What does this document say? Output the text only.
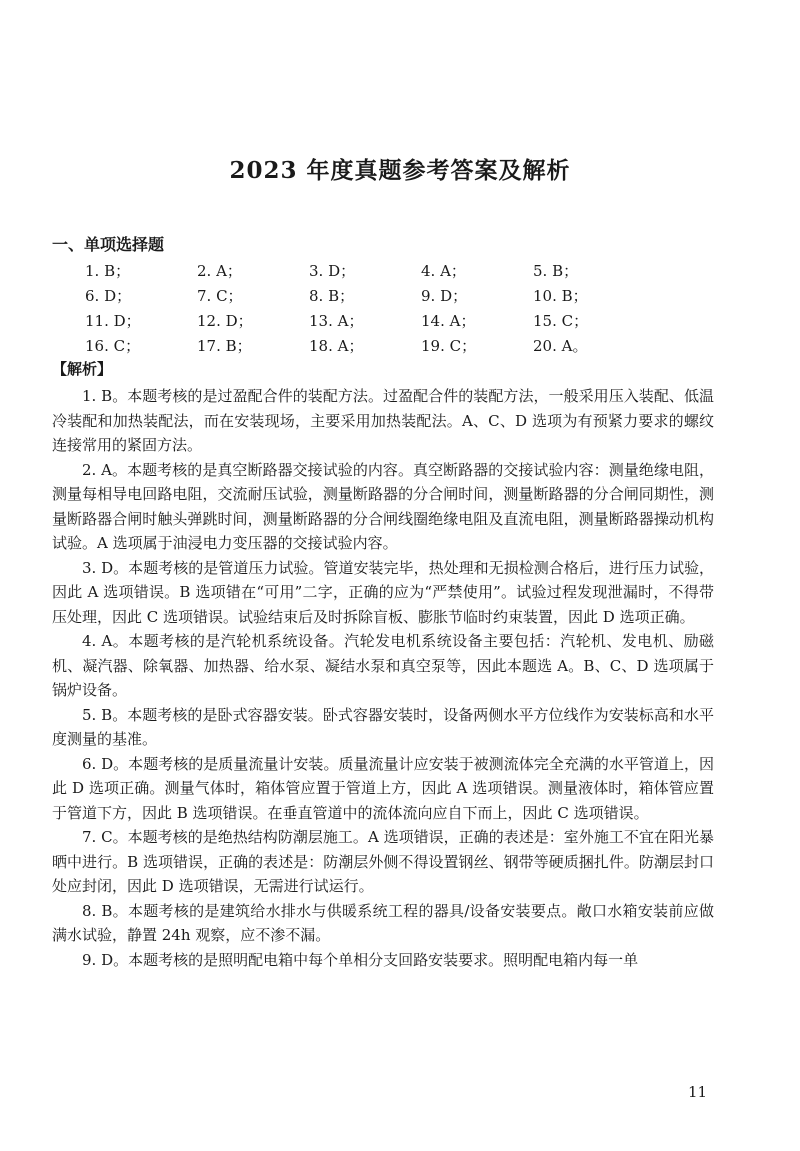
2023 年度真题参考答案及解析
一、单项选择题
1. B；	2. A；	3. D；	4. A；	5. B；
6. D；	7. C；	8. B；	9. D；	10. B；
11. D；	12. D；	13. A；	14. A；	15. C；
16. C；	17. B；	18. A；	19. C；	20. A。
【解析】

1. B。本题考核的是过盈配合件的装配方法。过盈配合件的装配方法，一般采用压入装配、低温冷装配和加热装配法，而在安装现场，主要采用加热装配法。A、C、D 选项为有预紧力要求的螺纹连接常用的紧固方法。

2. A。本题考核的是真空断路器交接试验的内容。真空断路器的交接试验内容：测量绝缘电阻，测量每相导电回路电阻，交流耐压试验，测量断路器的分合闸时间，测量断路器的分合闸同期性，测量断路器合闸时触头弹跳时间，测量断路器的分合闸线圈绝缘电阻及直流电阻，测量断路器操动机构试验。A 选项属于油浸电力变压器的交接试验内容。

3. D。本题考核的是管道压力试验。管道安装完毕，热处理和无损检测合格后，进行压力试验，因此 A 选项错误。B 选项错在“可用”二字，正确的应为“严禁使用”。试验过程发现泄漏时，不得带压处理，因此 C 选项错误。试验结束后及时拆除盲板、膨胀节临时约束装置，因此 D 选项正确。

4. A。本题考核的是汽轮机系统设备。汽轮发电机系统设备主要包括：汽轮机、发电机、励磁机、凝汽器、除氧器、加热器、给水泵、凝结水泵和真空泵等，因此本题选 A。B、C、D 选项属于锅炉设备。

5. B。本题考核的是卧式容器安装。卧式容器安装时，设备两侧水平方位线作为安装标高和水平度测量的基准。

6. D。本题考核的是质量流量计安装。质量流量计应安装于被测流体完全充满的水平管道上，因此 D 选项正确。测量气体时，箱体管应置于管道上方，因此 A 选项错误。测量液体时，箱体管应置于管道下方，因此 B 选项错误。在垂直管道中的流体流向应自下而上，因此 C 选项错误。

7. C。本题考核的是绝热结构防潮层施工。A 选项错误，正确的表述是：室外施工不宜在阳光暴晒中进行。B 选项错误，正确的表述是：防潮层外侧不得设置钢丝、钢带等硬质捆扎件。防潮层封口处应封闭，因此 D 选项错误，无需进行试运行。

8. B。本题考核的是建筑给水排水与供暖系统工程的器具/设备安装要点。敞口水箱安装前应做满水试验，静置 24h 观察，应不渗不漏。

9. D。本题考核的是照明配电箱中每个单相分支回路安装要求。照明配电箱内每一单

11
